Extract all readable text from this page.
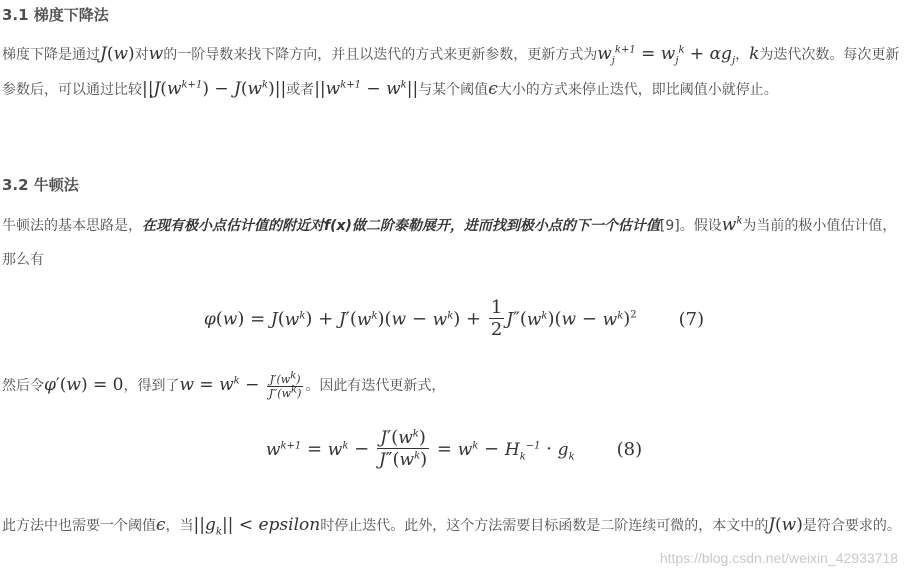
3.1 梯度下降法
梯度下降是通过J(w)对w的一阶导数来找下降方向，并且以迭代的方式来更新参数，更新方式为$w_j^{k+1} = w_j^k + \alpha g_j$，k为迭代次数。每次更新参数后，可以通过比较$||J(w^{k+1}) - J(w^k)||$或者$||w^{k+1} - w^k||$与某个阈值ϵ大小的方式来停止迭代，即比阈值小就停止。
3.2 牛顿法
牛顿法的基本思路是，在现有极小点估计值的附近对f(x)做二阶泰勒展开，进而找到极小点的下一个估计值[9]。假设$w^k$为当前的极小值估计值，那么有
$\varphi(w) = J(w^k) + J'(w^k)(w - w^k) + \frac{1}{2} J''(w^k)(w - w^k)^2$ (7)
然后令φ′(w) = 0，得到了$w = w^k - \frac{J'(w^k)}{J''(w^k)}$ 。因此有迭代更新式，
$w^{k+1} = w^k - \frac{J'(w^k)}{J''(w^k)} = w^k - H_k^{-1} \cdot g_k$ (8)
此方法中也需要一个阈值ϵ，当$||g_k||$ < epsilon时停止迭代。此外，这个方法需要目标函数是二阶连续可微的，本文中的J(w)是符合要求的。
https://blog.csdn.net/weixin_42933718
